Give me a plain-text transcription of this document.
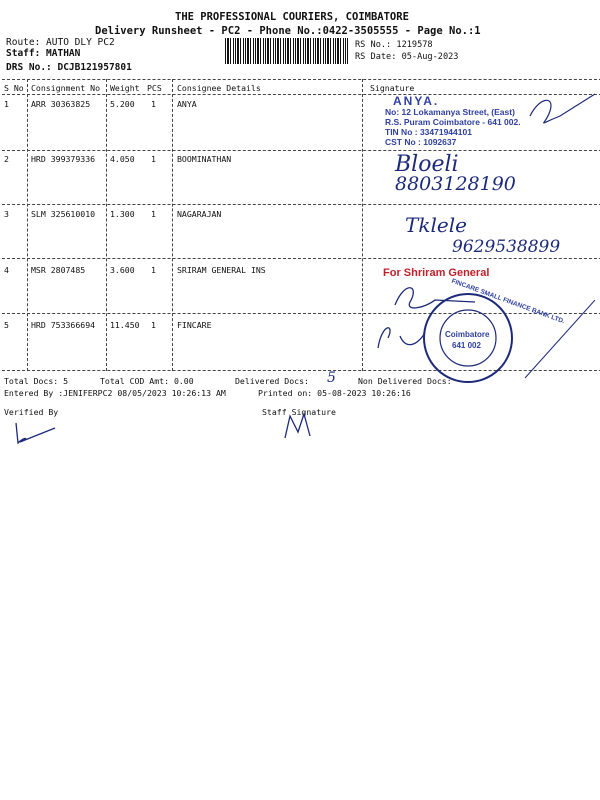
THE PROFESSIONAL COURIERS, COIMBATORE
Delivery Runsheet - PC2 - Phone No.:0422-3505555 - Page No.:1
Route: AUTO DLY PC2
Staff: MATHAN
DRS No.: DCJB121957801
RS No.: 1219578
RS Date: 05-Aug-2023
S No Consignment No Weight PCS Consignee Details	Signature
1	ARR 30363825 5.200 1	ANYA
2	HRD 399379336 4.050 1	BOOMINATHAN
3	SLM 325610010 1.300 1	NAGARAJAN
4	MSR 2807485	3.600 1	SRIRAM GENERAL INS
5	HRD 753366694 11.450 1	FINCARE
ANYA.
No: 12 Lokamanya Street, (East)
R.S. Puram Coimbatore - 641 002.
TIN No : 33471944101
CST No : 1092637
Bloeli
8803128190
Tklele
9629538899
For Shriram General
FINCARE SMALL FINANCE BANK LTD.
Coimbatore
641 002
Total Docs: 5	Total COD Amt: 0.00	Delivered Docs: 5	Non Delivered Docs:
Entered By :JENIFERPC2 08/05/2023 10:26:13 AM	Printed on: 05-08-2023 10:26:16
Verified By	Staff Signature
